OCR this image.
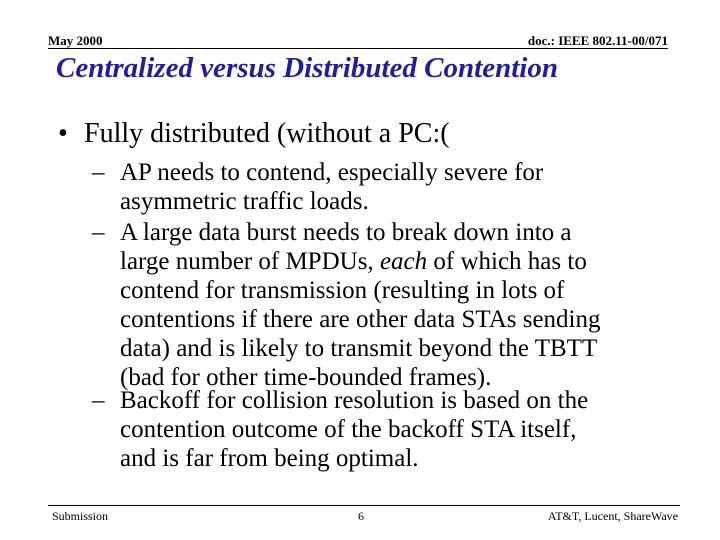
May 2000	doc.: IEEE 802.11-00/071
Centralized versus Distributed Contention
• Fully distributed (without a PC:(
– AP needs to contend, especially severe for
asymmetric traffic loads.
– A large data burst needs to break down into a
large number of MPDUs, each of which has to
contend for transmission (resulting in lots of
contentions if there are other data STAs sending
data) and is likely to transmit beyond the TBTT
(bad for other time-bounded frames).
– Backoff for collision resolution is based on the
contention outcome of the backoff STA itself,
and is far from being optimal.
Submission	6	AT&T, Lucent, ShareWave
